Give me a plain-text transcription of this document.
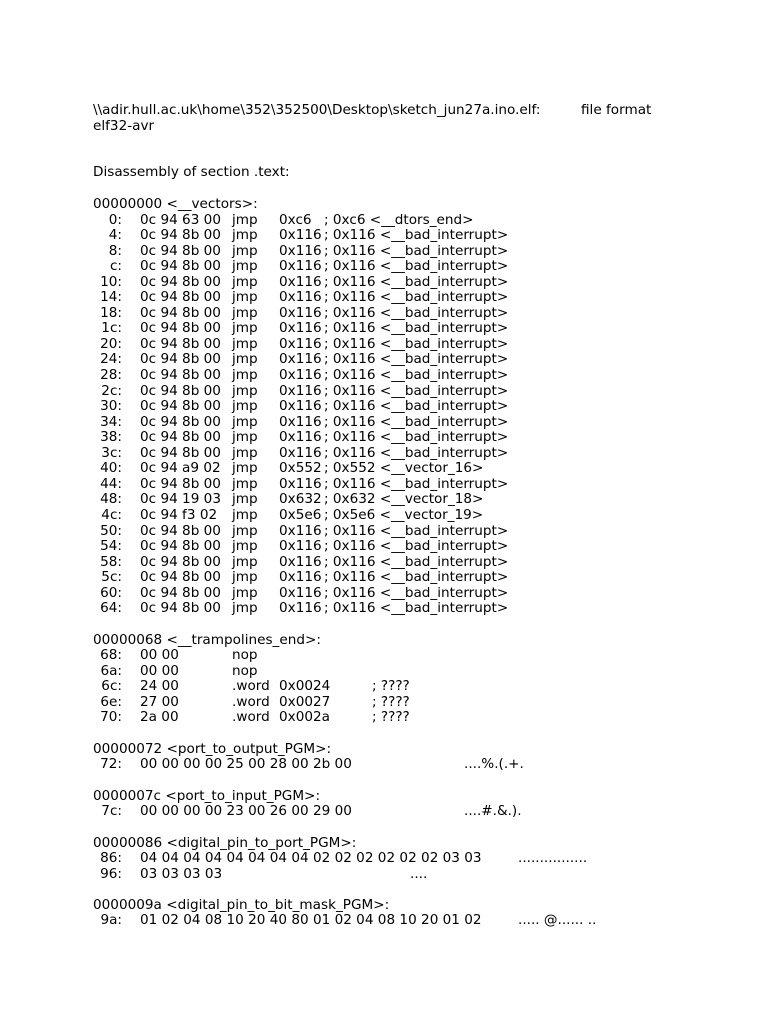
\\adir.hull.ac.uk\home\352\352500\Desktop\sketch_jun27a.ino.elf:	file format
elf32-avr
Disassembly of section .text:
00000000 <__vectors>:
0: 0c 94 63 00 jmp 0xc6 ; 0xc6 <__dtors_end>
4: 0c 94 8b 00 jmp 0x116 ; 0x116 <__bad_interrupt>
8: 0c 94 8b 00 jmp 0x116 ; 0x116 <__bad_interrupt>
c: 0c 94 8b 00 jmp 0x116 ; 0x116 <__bad_interrupt>
10: 0c 94 8b 00 jmp 0x116 ; 0x116 <__bad_interrupt>
14: 0c 94 8b 00 jmp 0x116 ; 0x116 <__bad_interrupt>
18: 0c 94 8b 00 jmp 0x116 ; 0x116 <__bad_interrupt>
1c: 0c 94 8b 00 jmp 0x116 ; 0x116 <__bad_interrupt>
20: 0c 94 8b 00 jmp 0x116 ; 0x116 <__bad_interrupt>
24: 0c 94 8b 00 jmp 0x116 ; 0x116 <__bad_interrupt>
28: 0c 94 8b 00 jmp 0x116 ; 0x116 <__bad_interrupt>
2c: 0c 94 8b 00 jmp 0x116 ; 0x116 <__bad_interrupt>
30: 0c 94 8b 00 jmp 0x116 ; 0x116 <__bad_interrupt>
34: 0c 94 8b 00 jmp 0x116 ; 0x116 <__bad_interrupt>
38: 0c 94 8b 00 jmp 0x116 ; 0x116 <__bad_interrupt>
3c: 0c 94 8b 00 jmp 0x116 ; 0x116 <__bad_interrupt>
40: 0c 94 a9 02 jmp 0x552 ; 0x552 <__vector_16>
44: 0c 94 8b 00 jmp 0x116 ; 0x116 <__bad_interrupt>
48: 0c 94 19 03 jmp 0x632 ; 0x632 <__vector_18>
4c: 0c 94 f3 02 jmp 0x5e6 ; 0x5e6 <__vector_19>
50: 0c 94 8b 00 jmp 0x116 ; 0x116 <__bad_interrupt>
54: 0c 94 8b 00 jmp 0x116 ; 0x116 <__bad_interrupt>
58: 0c 94 8b 00 jmp 0x116 ; 0x116 <__bad_interrupt>
5c: 0c 94 8b 00 jmp 0x116 ; 0x116 <__bad_interrupt>
60: 0c 94 8b 00 jmp 0x116 ; 0x116 <__bad_interrupt>
64: 0c 94 8b 00 jmp 0x116 ; 0x116 <__bad_interrupt>
00000068 <__trampolines_end>:
68: 00 00	nop
6a: 00 00	nop
6c: 24 00	.word 0x0024	; ????
6e: 27 00	.word 0x0027	; ????
70: 2a 00	.word 0x002a	; ????
00000072 <port_to_output_PGM>:
72: 00 00 00 00 25 00 28 00 2b 00	....%.(.+.
0000007c <port_to_input_PGM>:
7c: 00 00 00 00 23 00 26 00 29 00	....#.&.).
00000086 <digital_pin_to_port_PGM>:
86: 04 04 04 04 04 04 04 04 02 02 02 02 02 02 03 03	................
96: 03 03 03 03	....
0000009a <digital_pin_to_bit_mask_PGM>:
9a: 01 02 04 08 10 20 40 80 01 02 04 08 10 20 01 02	..... @...... ..
